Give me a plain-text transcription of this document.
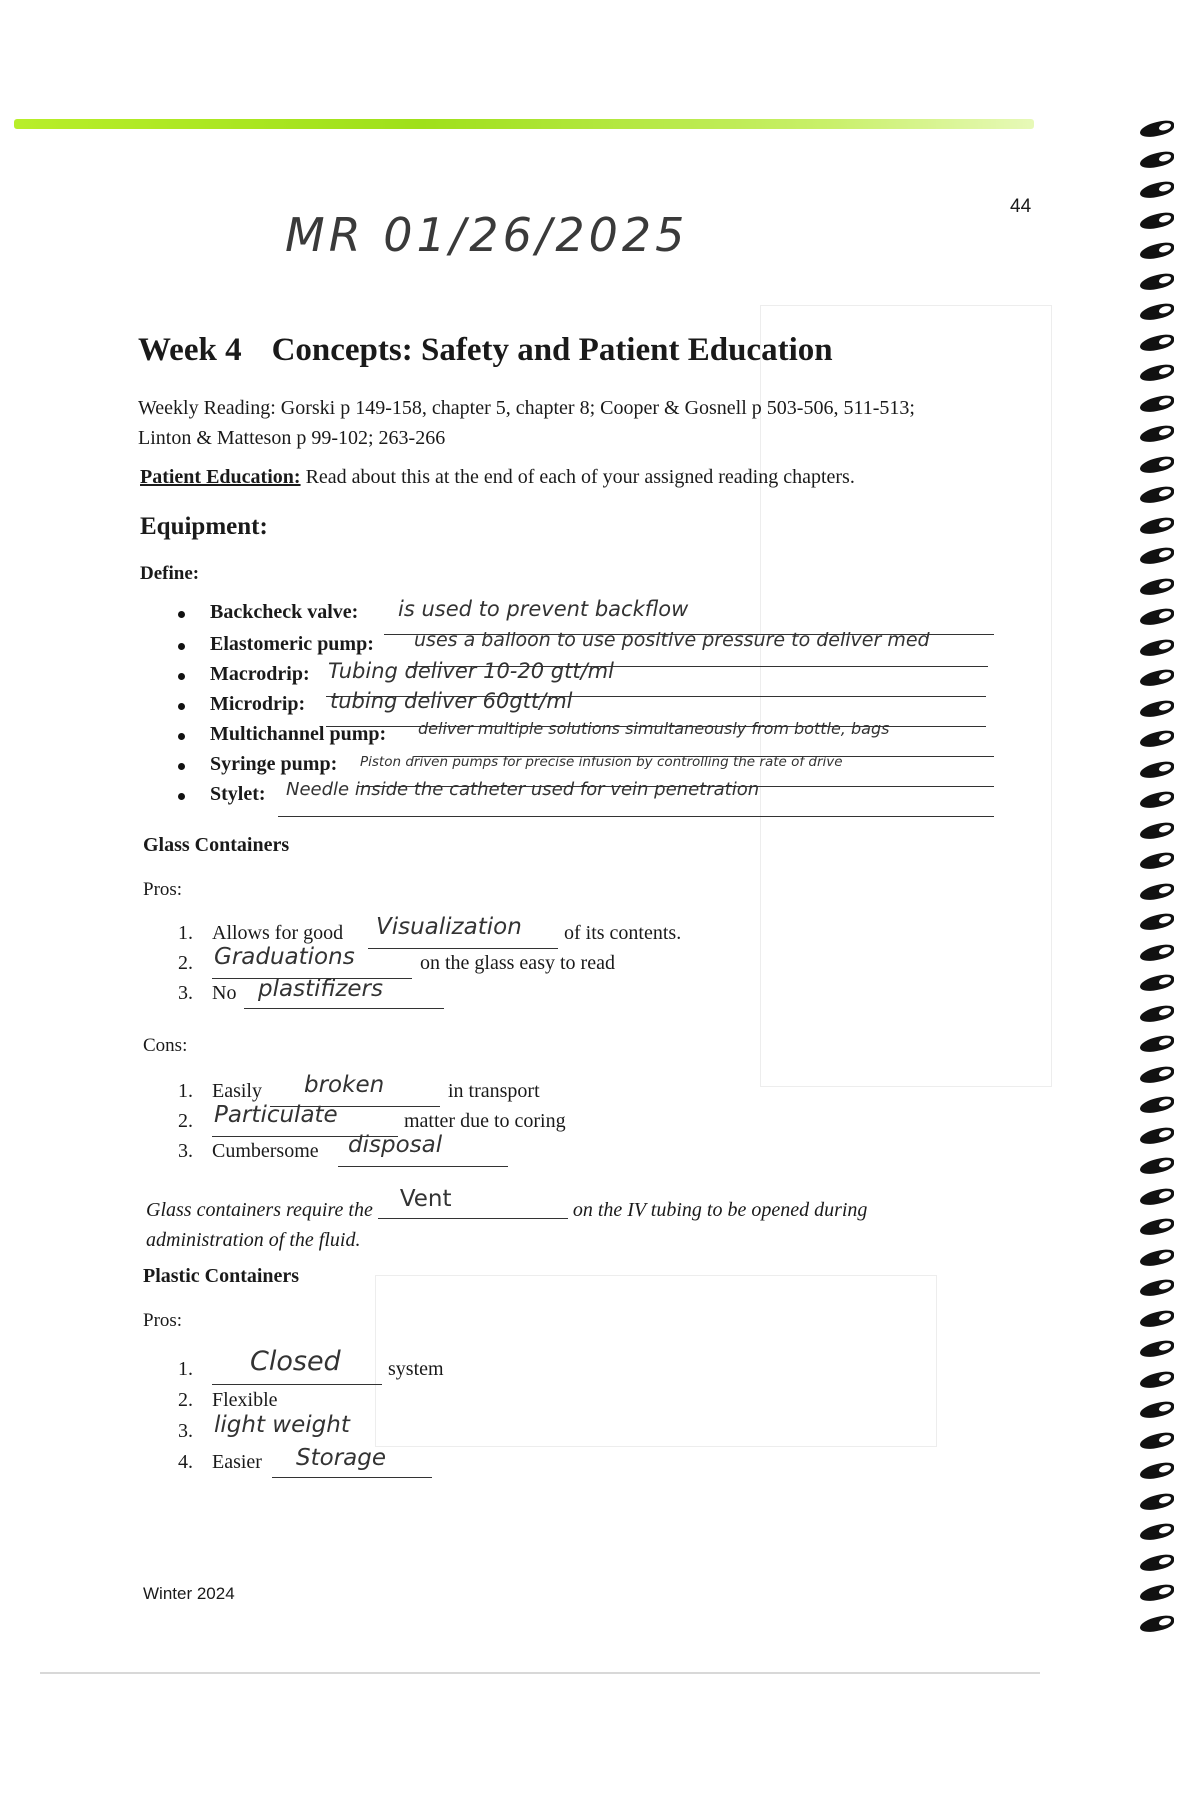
44
MR 01/26/2025
Week 4 Concepts: Safety and Patient Education
Weekly Reading: Gorski p 149-158, chapter 5, chapter 8; Cooper & Gosnell p 503-506, 511-513;
Linton & Matteson p 99-102; 263-266
Patient Education: Read about this at the end of each of your assigned reading chapters.
Equipment:
Define:
Backcheck valve: is used to prevent backflow
Elastomeric pump: uses a balloon to use positive pressure to deliver med
Macrodrip: Tubing deliver 10-20 gtt/ml
Microdrip: tubing deliver 60gtt/ml
Multichannel pump: deliver multiple solutions simultaneously from bottle, bags
Syringe pump: Piston driven pumps for precise infusion by controlling the rate of drive
Stylet: Needle inside the catheter used for vein penetration
Glass Containers
Pros:
1. Allows for good Visualization of its contents.
2. Graduations	on the glass easy to read
3. No plastifizers
Cons:
1. Easily broken	in transport
2. Particulate	matter due to coring
3. Cumbersome disposal
Glass containers require the Vent	on the IV tubing to be opened during
administration of the fluid.
Plastic Containers
Pros:
1. Closed system
2. Flexible
3. light weight
4. Easier Storage
Winter 2024
